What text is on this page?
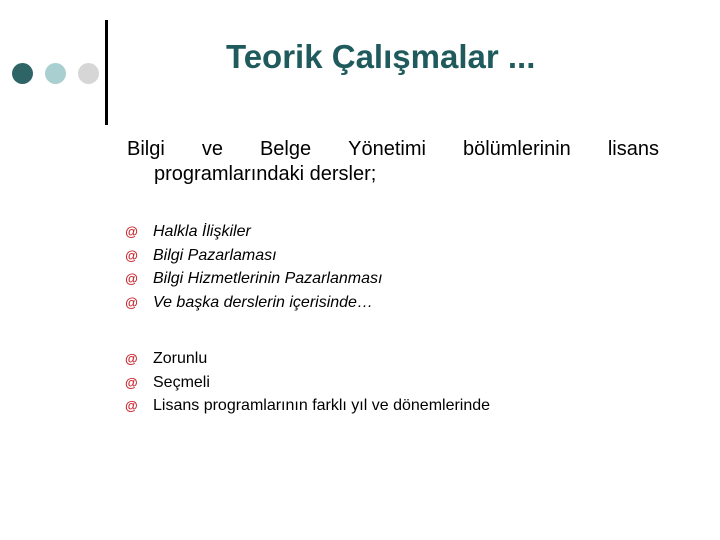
Teorik Çalışmalar ...
Bilgi ve Belge Yönetimi bölümlerinin lisans
programlarındaki dersler;
@ Halkla İlişkiler
@ Bilgi Pazarlaması
@ Bilgi Hizmetlerinin Pazarlanması
@ Ve başka derslerin içerisinde…
@ Zorunlu
@ Seçmeli
@ Lisans programlarının farklı yıl ve dönemlerinde
